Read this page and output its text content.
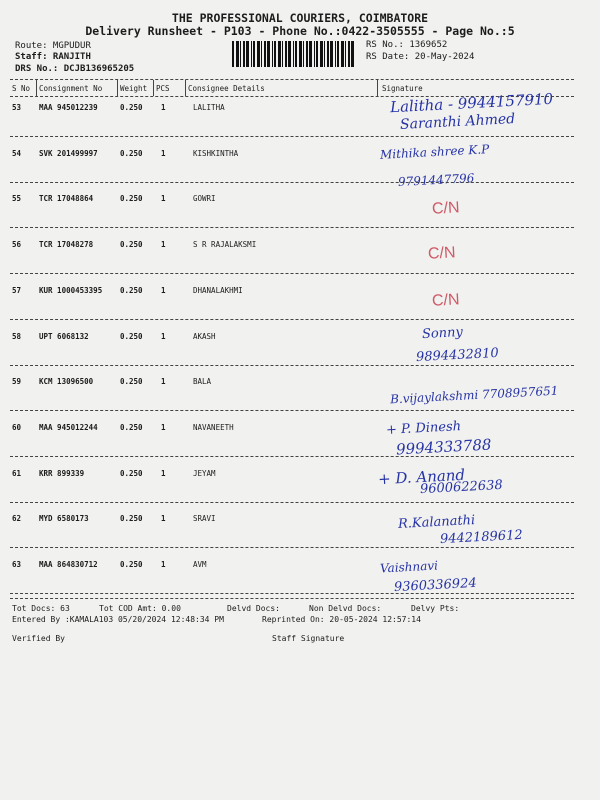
THE PROFESSIONAL COURIERS, COIMBATORE
Delivery Runsheet - P103 - Phone No.:0422-3505555 - Page No.:5
Route: MGPUDUR
Staff: RANJITH
DRS No.: DCJB136965205
RS No.: 1369652
RS Date: 20-May-2024
S No Consignment No Weight PCS Consignee Details	Signature
53 MAA 945012239	0.250 1	LALITHA	Lalitha - 9944157910
Saranthi Ahmed
54 SVK 201499997	0.250 1	KISHKINTHA	Mithika shree K.P
9791447796
55 TCR 17048864	0.250 1	GOWRI
C/N
56 TCR 17048278	0.250 1	S R RAJALAKSMI	C/N
57 KUR 1000453395 0.250 1	DHANALAKHMI
C/N
58 UPT 6068132	0.250 1	AKASH	Sonny
9894432810
59 KCM 13096500	0.250 1	BALA
B.vijaylakshmi 7708957651
60 MAA 945012244	0.250 1	NAVANEETH	+ P. Dinesh
9994333788
61 KRR 899339	0.250 1	JEYAM	+ D. Anand
9600622638
62 MYD 6580173	0.250 1	SRAVI	R.Kalanathi
9442189612
63 MAA 864830712	0.250 1	AVM	Vaishnavi
9360336924
Tot Docs: 63	Tot COD Amt: 0.00	Delvd Docs:	Non Delvd Docs:	Delvy Pts:
Entered By :KAMALA103 05/20/2024 12:48:34 PM	Reprinted On: 20-05-2024 12:57:14
Verified By	Staff Signature
